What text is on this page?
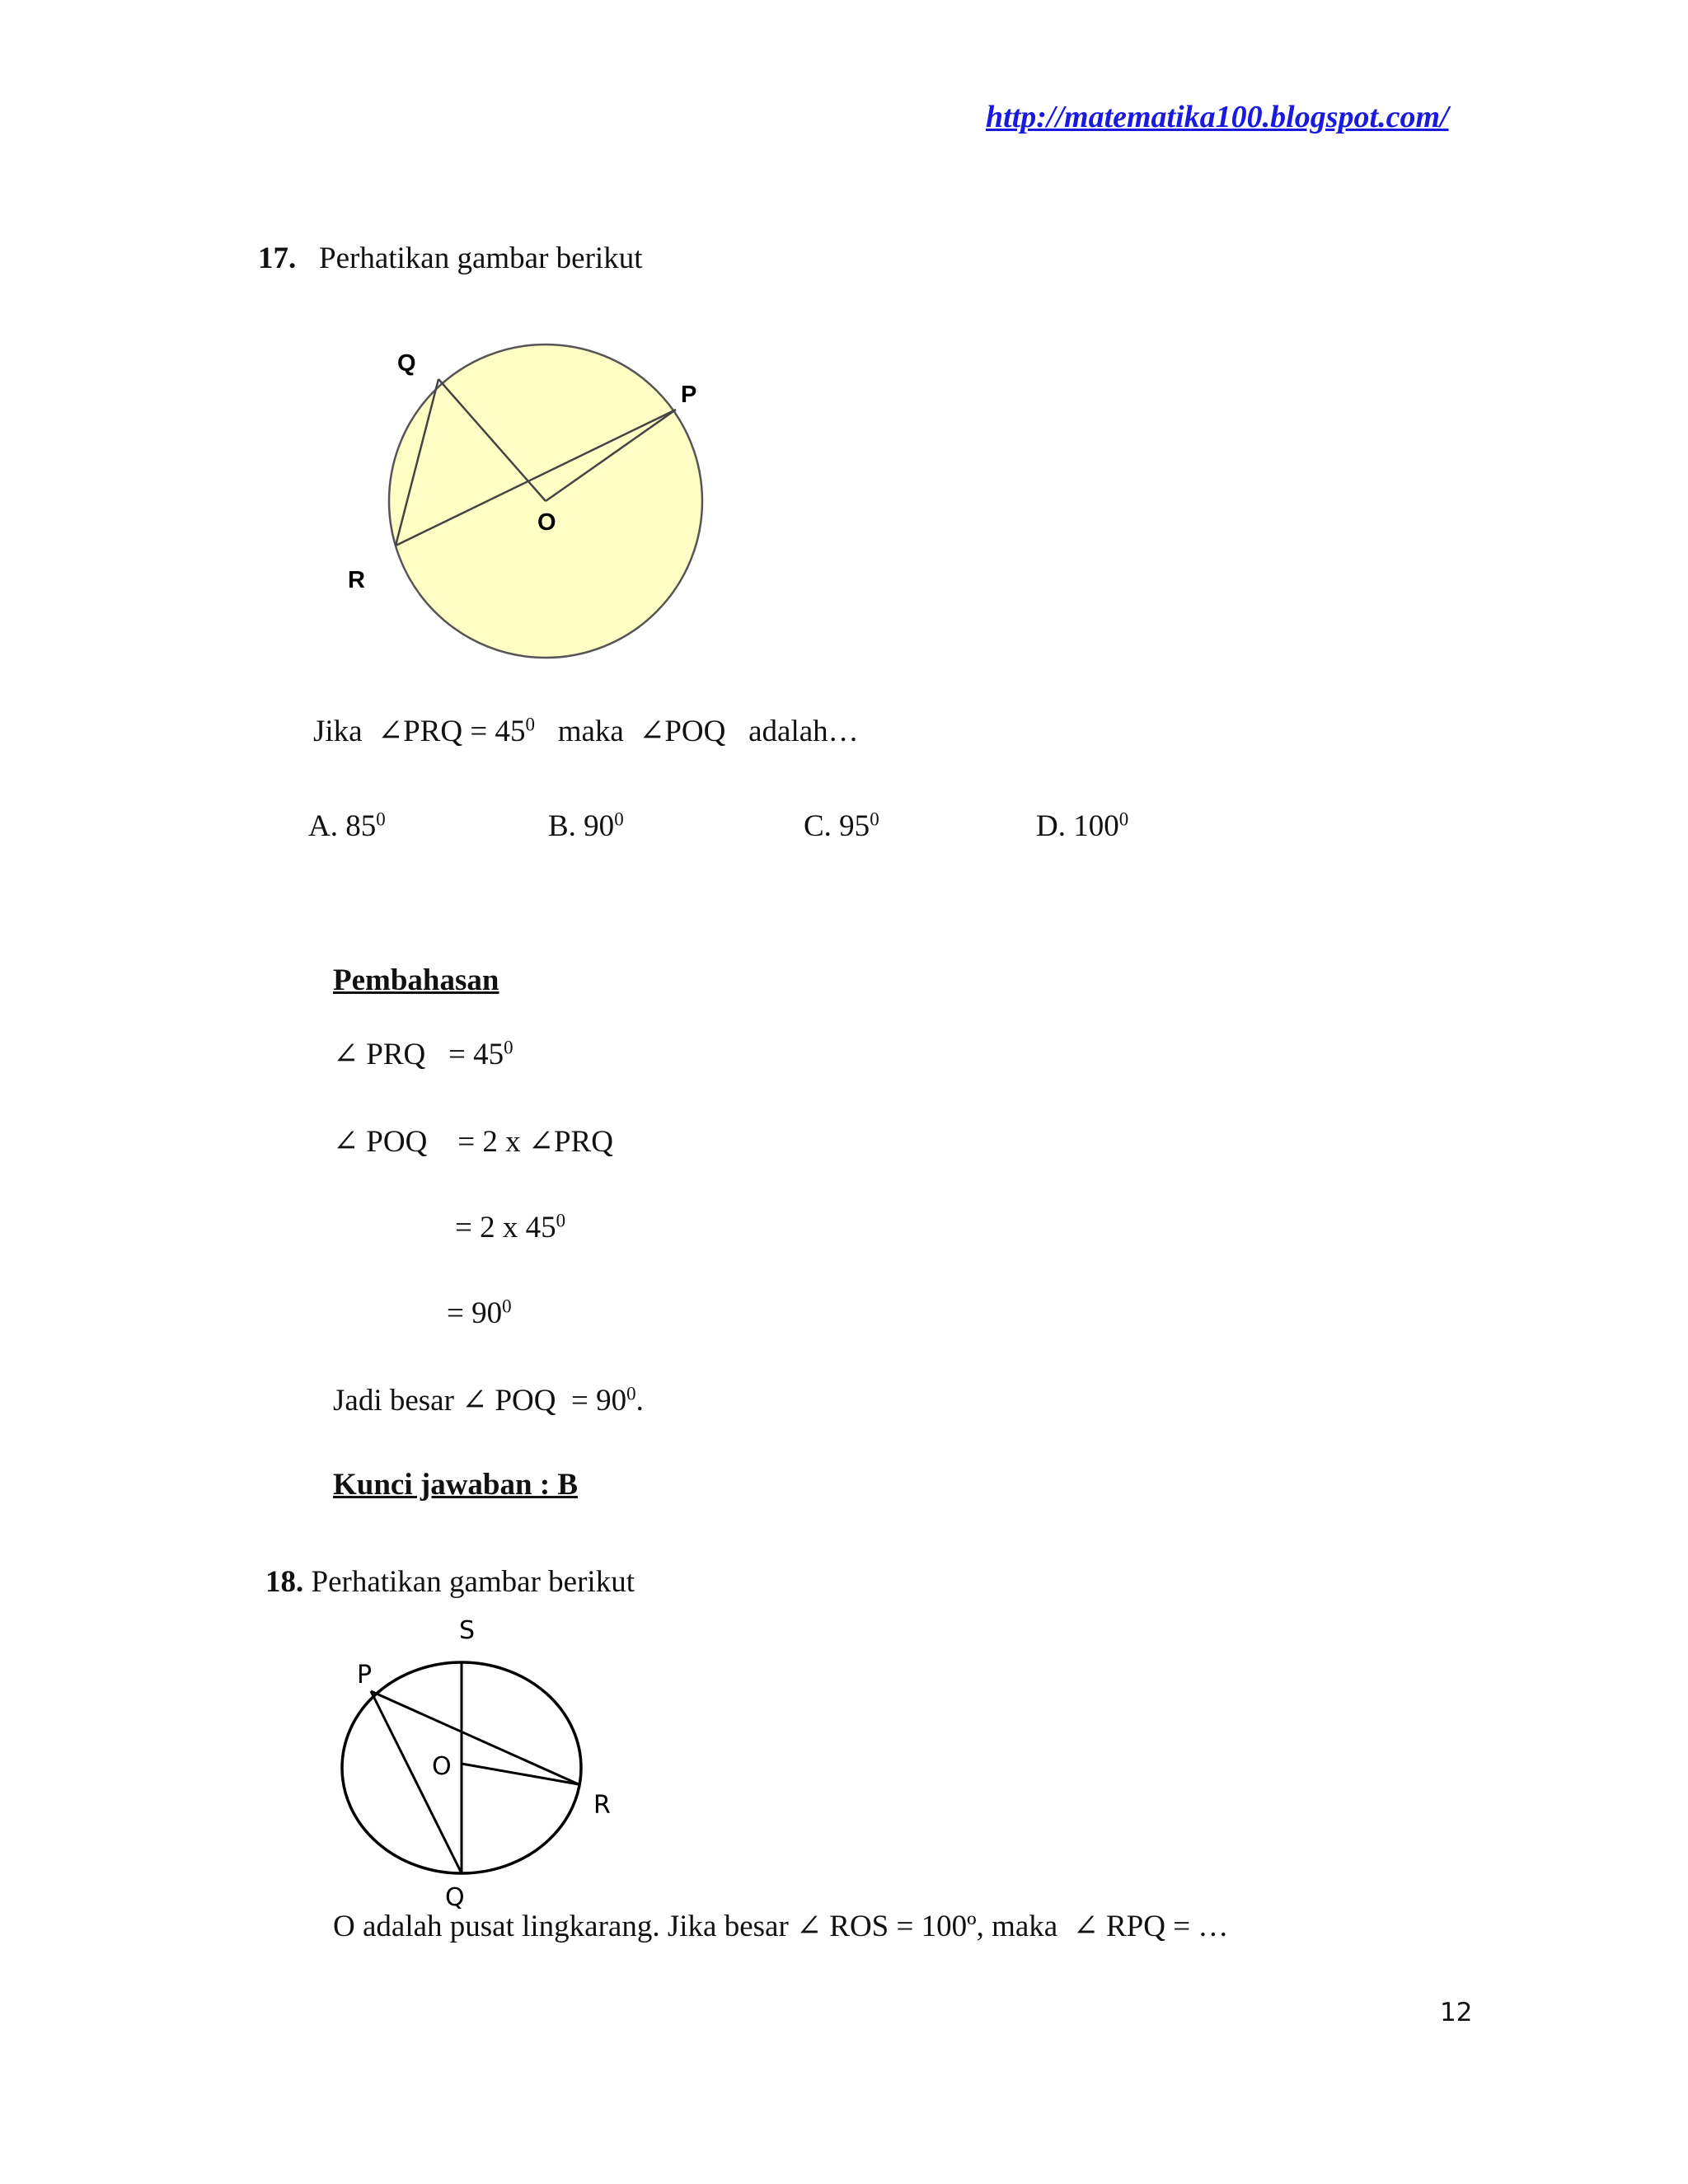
http://matematika100.blogspot.com/
17. Perhatikan gambar berikut
Q
P
O
R
Jika ∠PRQ = $45^0$ maka ∠POQ adalah…
A. $85^0$	B. $90^0$	C. $95^0$	D. $100^0$
Pembahasan
∠ PRQ = $45^0$
∠ POQ = 2 x ∠PRQ
= 2 x $45^0$
= $90^0$
Jadi besar ∠ POQ = $90^0$.
Kunci jawaban : B
18. Perhatikan gambar berikut
S
P
O
R
Q
O adalah pusat lingkarang. Jika besar ∠ ROS = 100º, maka ∠ RPQ = …
12
